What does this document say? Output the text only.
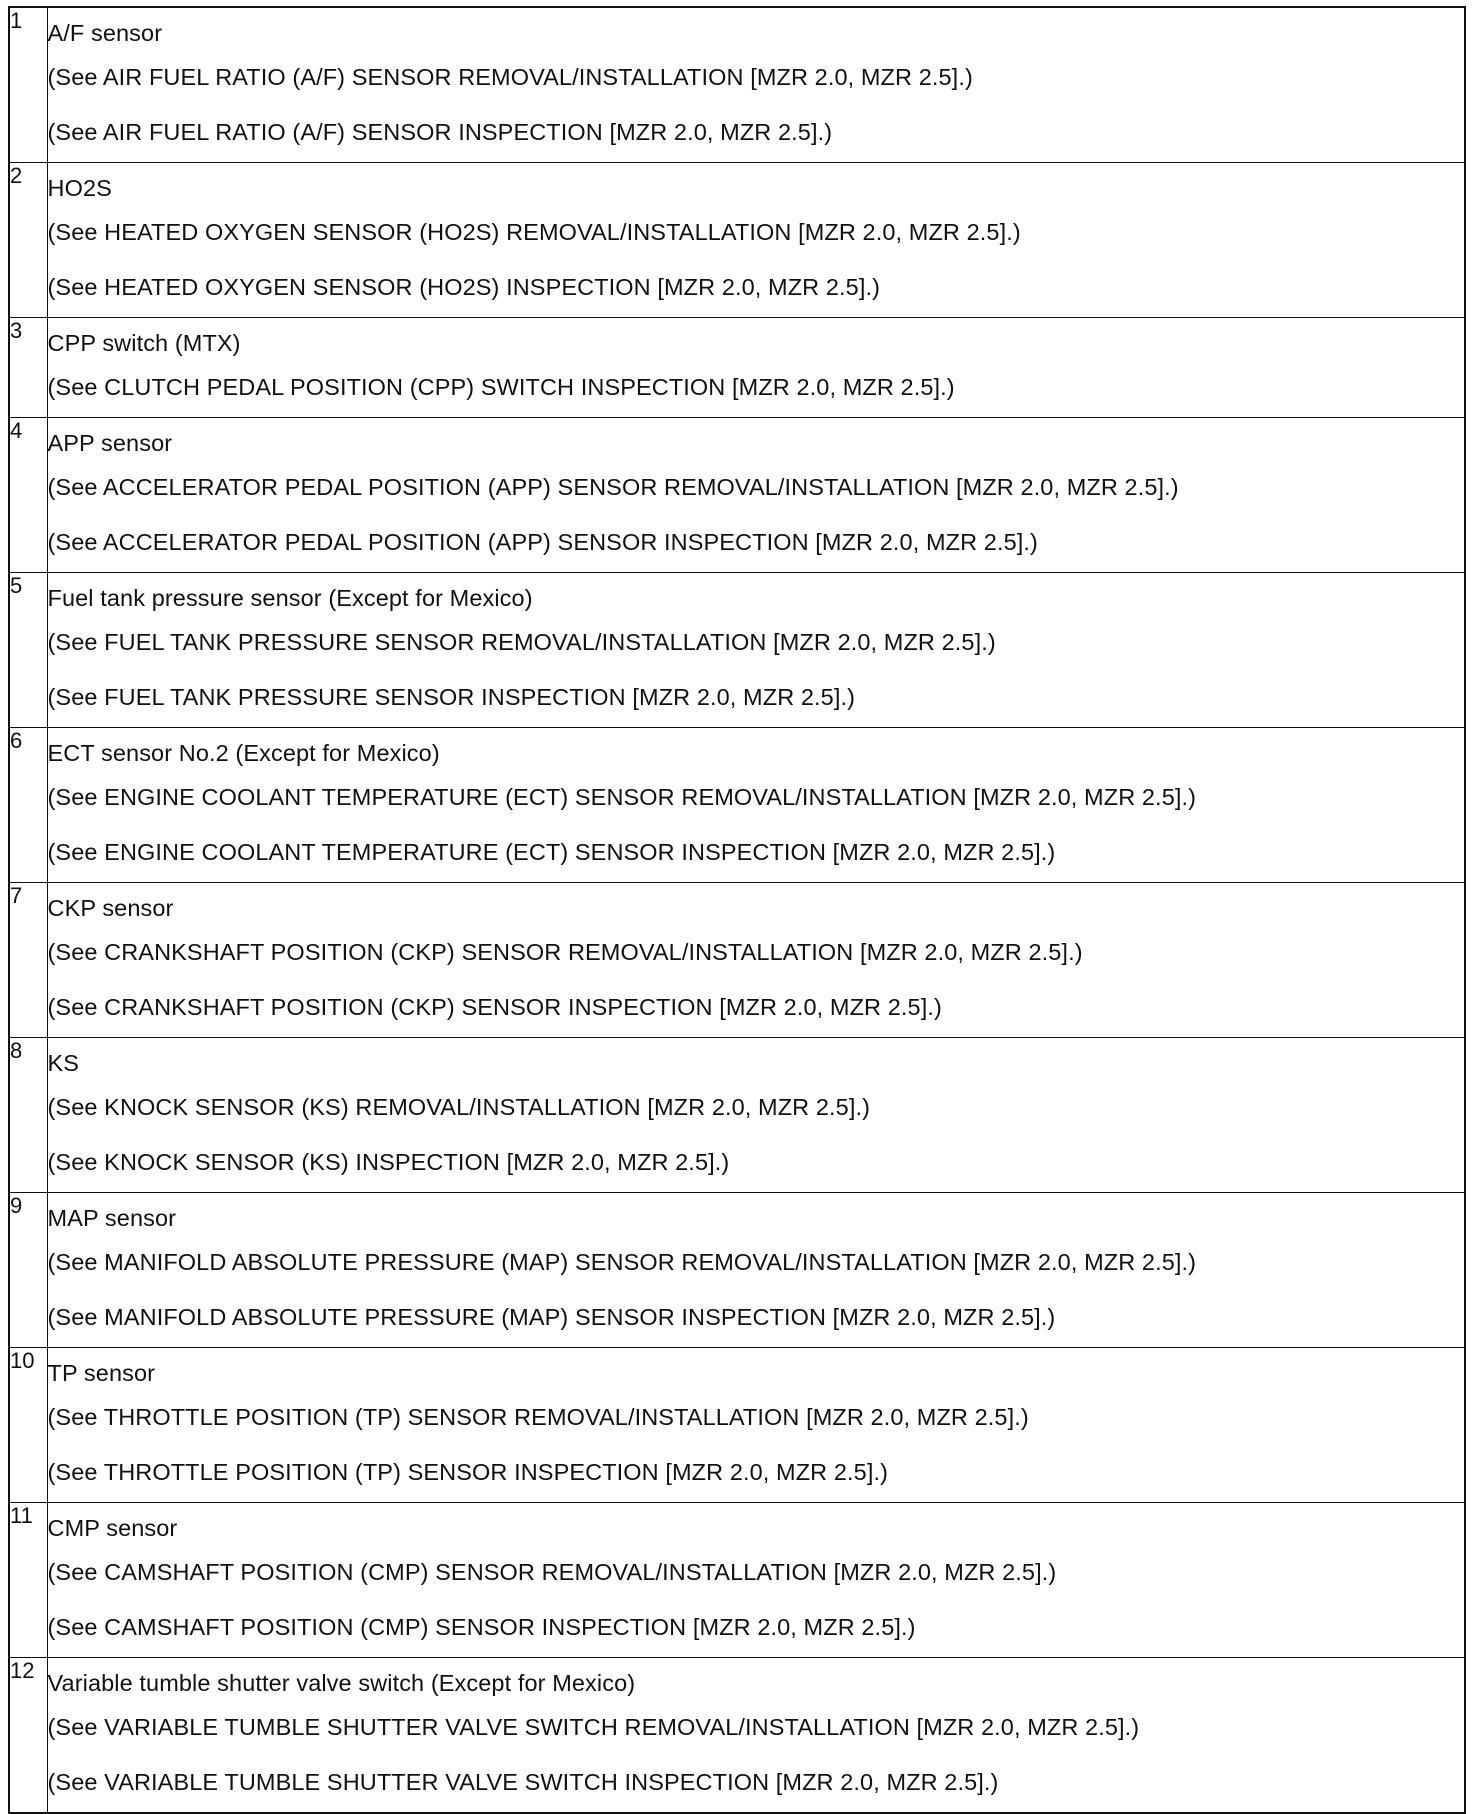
1	A/F sensor
(See AIR FUEL RATIO (A/F) SENSOR REMOVAL/INSTALLATION [MZR 2.0, MZR 2.5].)
(See AIR FUEL RATIO (A/F) SENSOR INSPECTION [MZR 2.0, MZR 2.5].)

2	HO2S
(See HEATED OXYGEN SENSOR (HO2S) REMOVAL/INSTALLATION [MZR 2.0, MZR 2.5].)
(See HEATED OXYGEN SENSOR (HO2S) INSPECTION [MZR 2.0, MZR 2.5].)

3	CPP switch (MTX)
(See CLUTCH PEDAL POSITION (CPP) SWITCH INSPECTION [MZR 2.0, MZR 2.5].)

4	APP sensor
(See ACCELERATOR PEDAL POSITION (APP) SENSOR REMOVAL/INSTALLATION [MZR 2.0, MZR 2.5].)
(See ACCELERATOR PEDAL POSITION (APP) SENSOR INSPECTION [MZR 2.0, MZR 2.5].)

5	Fuel tank pressure sensor (Except for Mexico)
(See FUEL TANK PRESSURE SENSOR REMOVAL/INSTALLATION [MZR 2.0, MZR 2.5].)
(See FUEL TANK PRESSURE SENSOR INSPECTION [MZR 2.0, MZR 2.5].)

6	ECT sensor No.2 (Except for Mexico)
(See ENGINE COOLANT TEMPERATURE (ECT) SENSOR REMOVAL/INSTALLATION [MZR 2.0, MZR 2.5].)
(See ENGINE COOLANT TEMPERATURE (ECT) SENSOR INSPECTION [MZR 2.0, MZR 2.5].)

7	CKP sensor
(See CRANKSHAFT POSITION (CKP) SENSOR REMOVAL/INSTALLATION [MZR 2.0, MZR 2.5].)
(See CRANKSHAFT POSITION (CKP) SENSOR INSPECTION [MZR 2.0, MZR 2.5].)

8	KS
(See KNOCK SENSOR (KS) REMOVAL/INSTALLATION [MZR 2.0, MZR 2.5].)
(See KNOCK SENSOR (KS) INSPECTION [MZR 2.0, MZR 2.5].)

9	MAP sensor
(See MANIFOLD ABSOLUTE PRESSURE (MAP) SENSOR REMOVAL/INSTALLATION [MZR 2.0, MZR 2.5].)
(See MANIFOLD ABSOLUTE PRESSURE (MAP) SENSOR INSPECTION [MZR 2.0, MZR 2.5].)

10	TP sensor
(See THROTTLE POSITION (TP) SENSOR REMOVAL/INSTALLATION [MZR 2.0, MZR 2.5].)
(See THROTTLE POSITION (TP) SENSOR INSPECTION [MZR 2.0, MZR 2.5].)

11	CMP sensor
(See CAMSHAFT POSITION (CMP) SENSOR REMOVAL/INSTALLATION [MZR 2.0, MZR 2.5].)
(See CAMSHAFT POSITION (CMP) SENSOR INSPECTION [MZR 2.0, MZR 2.5].)

12	Variable tumble shutter valve switch (Except for Mexico)
(See VARIABLE TUMBLE SHUTTER VALVE SWITCH REMOVAL/INSTALLATION [MZR 2.0, MZR 2.5].)
(See VARIABLE TUMBLE SHUTTER VALVE SWITCH INSPECTION [MZR 2.0, MZR 2.5].)
